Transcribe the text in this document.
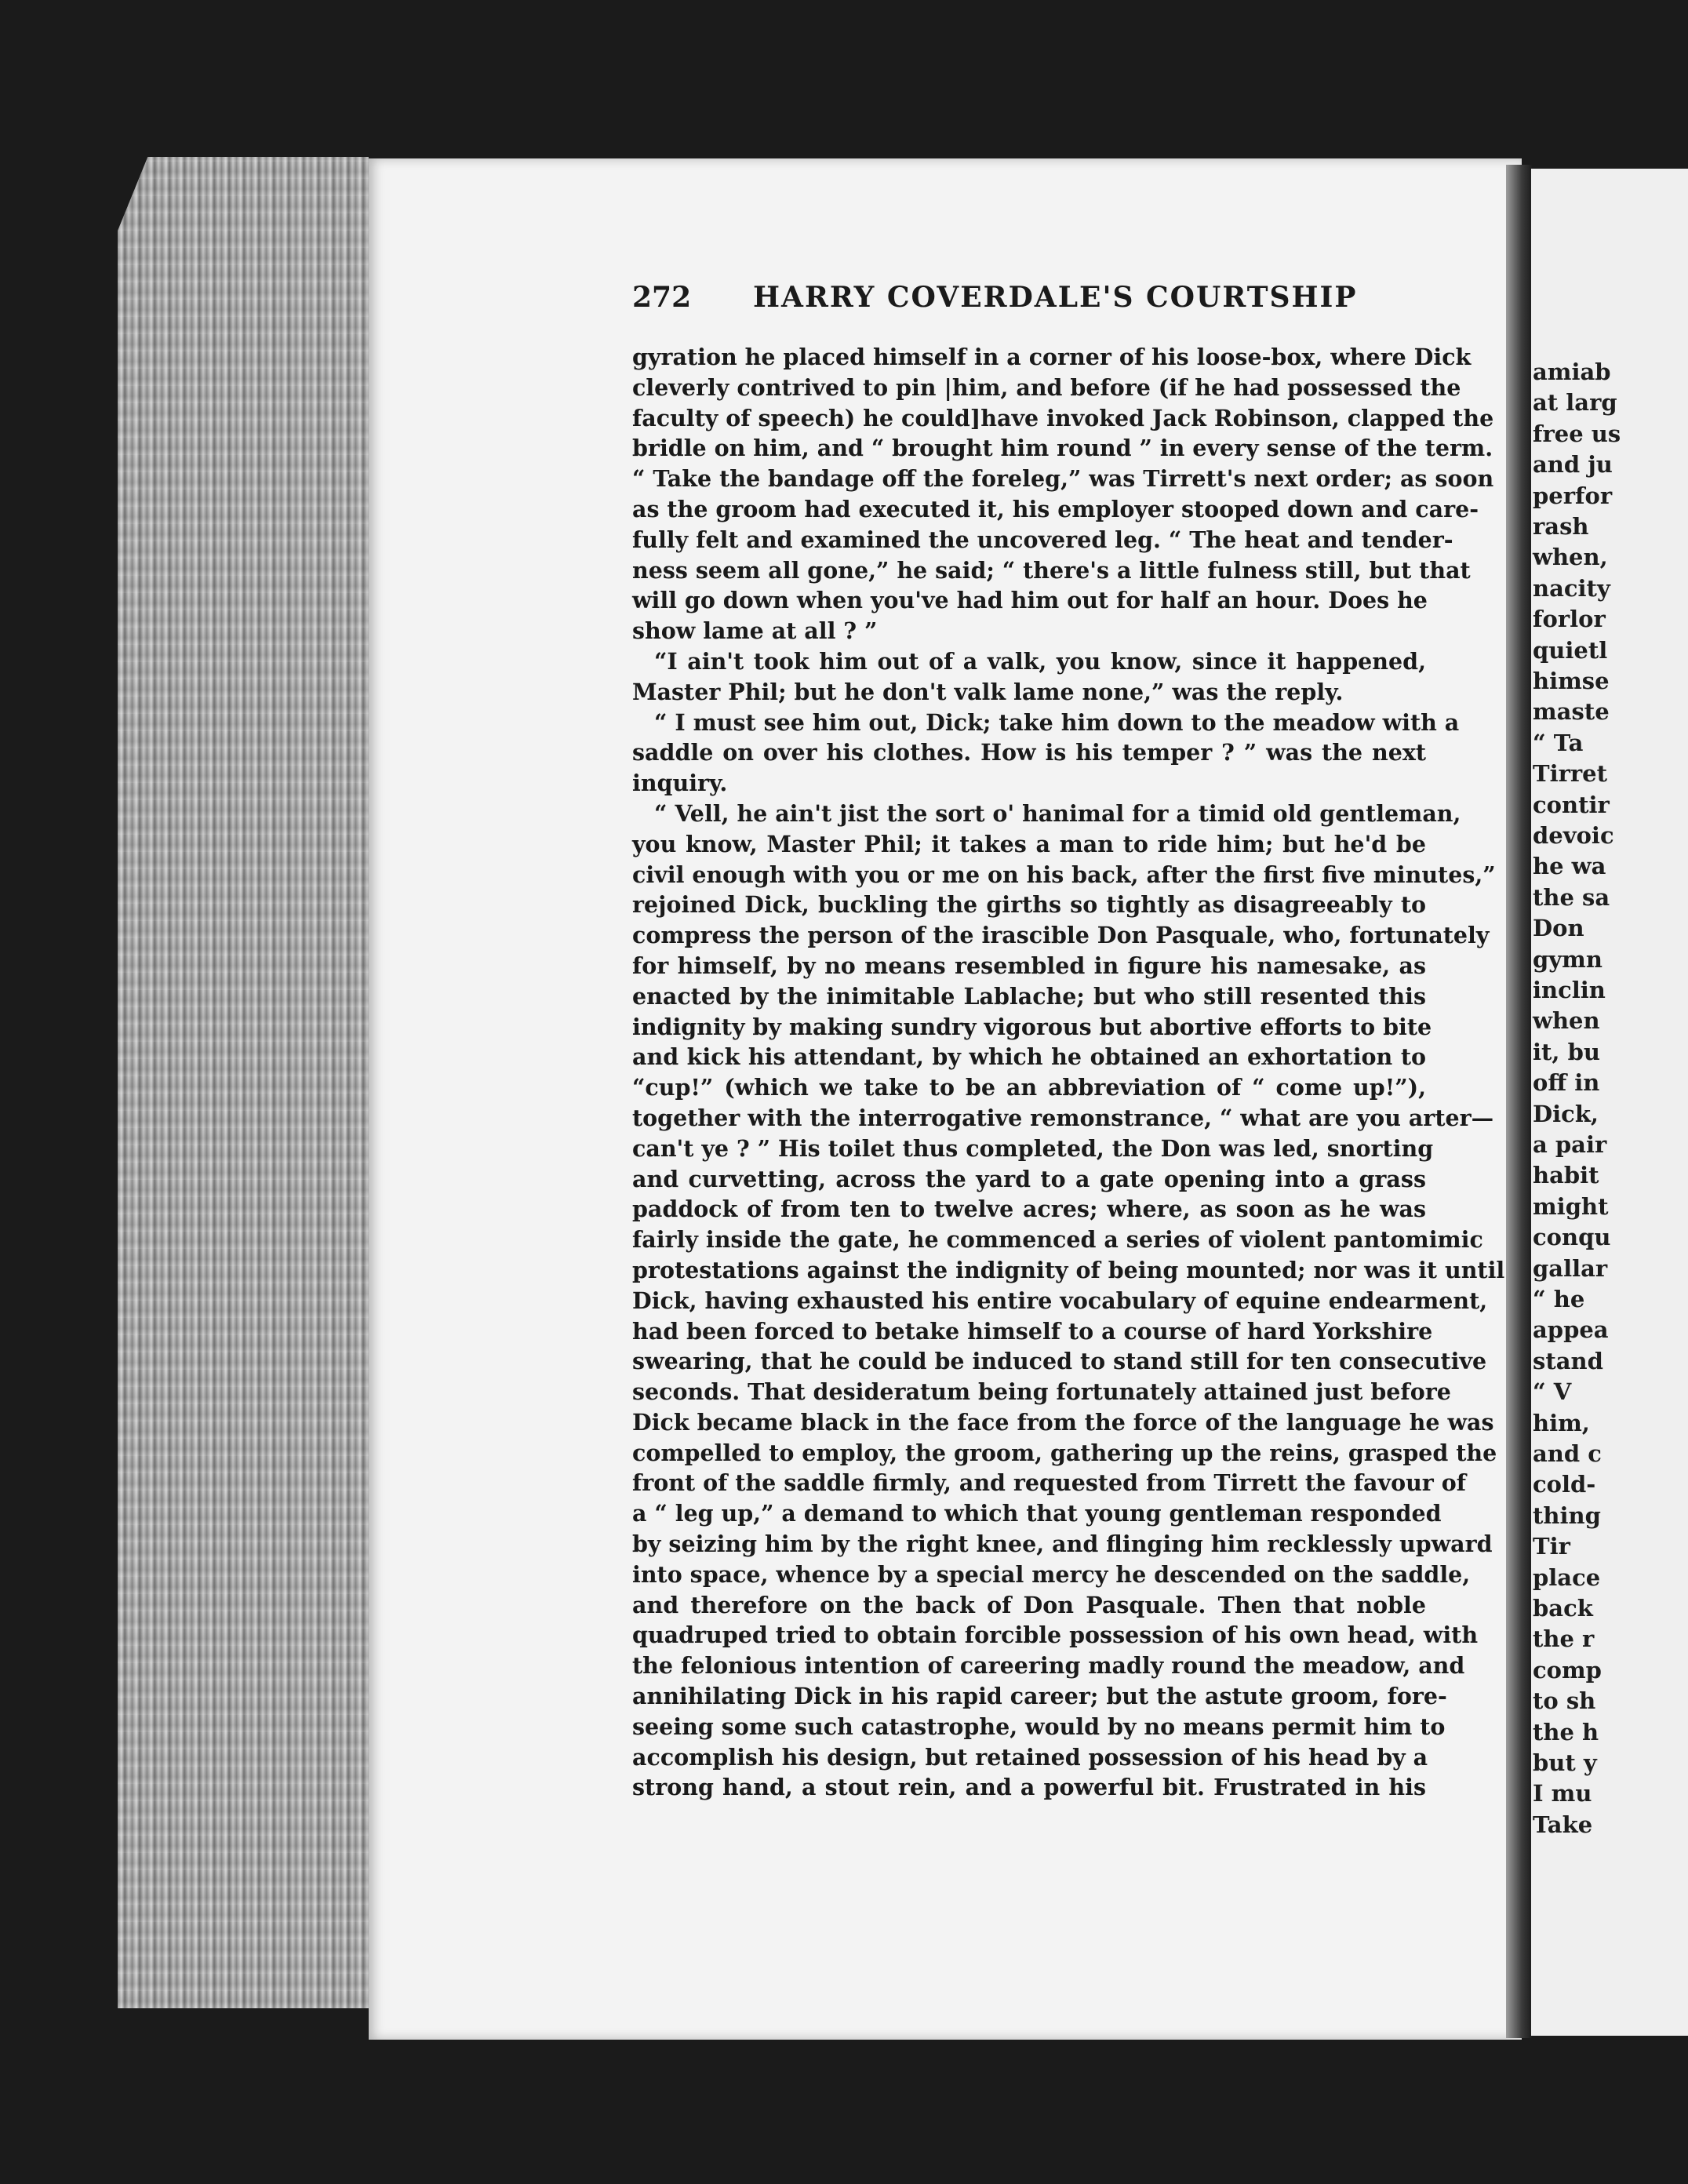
amiab
at larg
free us
and ju
perfor
rash
when,
nacity
forlor
quietl
himse
maste
“ Ta
Tirret
contir
devoic
he wa
the sa
Don
gymn
inclin
when
it, bu
off in
Dick,
a pair
habit
might
conqu
gallar
“ he
appea
stand
“ V
him,
and c
cold-
thing
Tir
place
back
the r
comp
to sh
the h
but y
I mu
Take
272 HARRY COVERDALE'S COURTSHIP
gyration he placed himself in a corner of his loose-box, where Dick
cleverly contrived to pin |him, and before (if he had possessed the
faculty of speech) he could]have invoked Jack Robinson, clapped the
bridle on him, and “ brought him round ” in every sense of the term.
“ Take the bandage off the foreleg,” was Tirrett's next order; as soon
as the groom had executed it, his employer stooped down and care-
fully felt and examined the uncovered leg. “ The heat and tender-
ness seem all gone,” he said; “ there's a little fulness still, but that
will go down when you've had him out for half an hour. Does he
show lame at all ? ”
“I ain't took him out of a valk, you know, since it happened,
Master Phil; but he don't valk lame none,” was the reply.
“ I must see him out, Dick; take him down to the meadow with a
saddle on over his clothes. How is his temper ? ” was the next
inquiry.
“ Vell, he ain't jist the sort o' hanimal for a timid old gentleman,
you know, Master Phil; it takes a man to ride him; but he'd be
civil enough with you or me on his back, after the first five minutes,”
rejoined Dick, buckling the girths so tightly as disagreeably to
compress the person of the irascible Don Pasquale, who, fortunately
for himself, by no means resembled in figure his namesake, as
enacted by the inimitable Lablache; but who still resented this
indignity by making sundry vigorous but abortive efforts to bite
and kick his attendant, by which he obtained an exhortation to
“cup!” (which we take to be an abbreviation of “ come up!”),
together with the interrogative remonstrance, “ what are you arter—
can't ye ? ” His toilet thus completed, the Don was led, snorting
and curvetting, across the yard to a gate opening into a grass
paddock of from ten to twelve acres; where, as soon as he was
fairly inside the gate, he commenced a series of violent pantomimic
protestations against the indignity of being mounted; nor was it until
Dick, having exhausted his entire vocabulary of equine endearment,
had been forced to betake himself to a course of hard Yorkshire
swearing, that he could be induced to stand still for ten consecutive
seconds. That desideratum being fortunately attained just before
Dick became black in the face from the force of the language he was
compelled to employ, the groom, gathering up the reins, grasped the
front of the saddle firmly, and requested from Tirrett the favour of
a “ leg up,” a demand to which that young gentleman responded
by seizing him by the right knee, and flinging him recklessly upward
into space, whence by a special mercy he descended on the saddle,
and therefore on the back of Don Pasquale. Then that noble
quadruped tried to obtain forcible possession of his own head, with
the felonious intention of careering madly round the meadow, and
annihilating Dick in his rapid career; but the astute groom, fore-
seeing some such catastrophe, would by no means permit him to
accomplish his design, but retained possession of his head by a
strong hand, a stout rein, and a powerful bit. Frustrated in his
